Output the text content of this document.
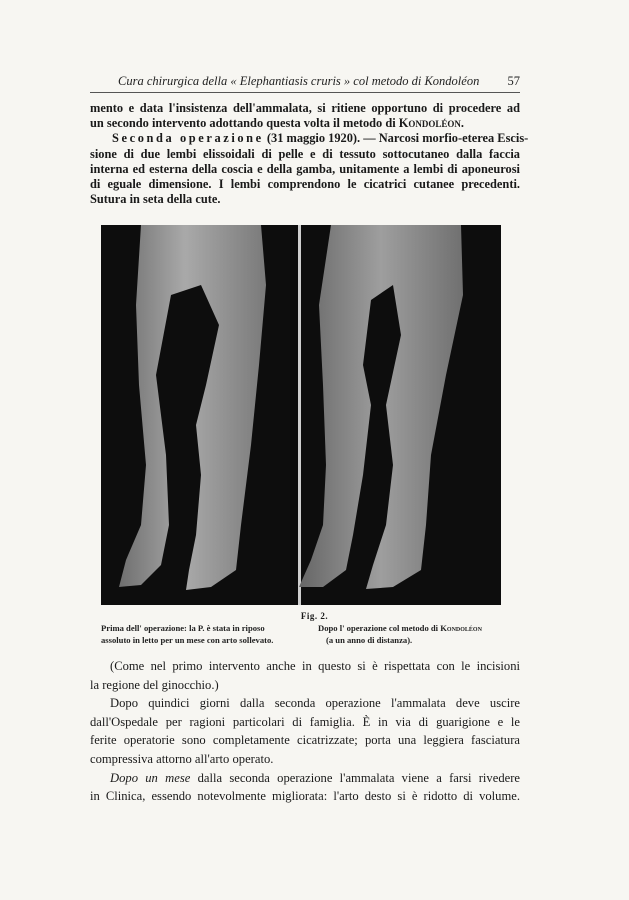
Cura chirurgica della « Elephantiasis cruris » col metodo di Kondoléon 57
mento e data l'insistenza dell'ammalata, si ritiene opportuno di procedere ad
un secondo intervento adottando questa volta il metodo di Kondoléon.
Seconda operazione (31 maggio 1920). — Narcosi morfio-eterea Escis-
sione di due lembi elissoidali di pelle e di tessuto sottocutaneo dalla faccia
interna ed esterna della coscia e della gamba, unitamente a lembi di aponeurosi
di eguale dimensione. I lembi comprendono le cicatrici cutanee precedenti.
Sutura in seta della cute.
Fig. 2.
Prima dell' operazione: la P. è stata in riposo
assoluto in letto per un mese con arto sollevato.
Dopo l' operazione col metodo di Kondoléon
(a un anno di distanza).
(Come nel primo intervento anche in questo si è rispettata con le incisioni
la regione del ginocchio.)
Dopo quindici giorni dalla seconda operazione l'ammalata deve uscire
dall'Ospedale per ragioni particolari di famiglia. È in via di guarigione e le
ferite operatorie sono completamente cicatrizzate; porta una leggiera fasciatura
compressiva attorno all'arto operato.
Dopo un mese dalla seconda operazione l'ammalata viene a farsi rivedere
in Clinica, essendo notevolmente migliorata: l'arto desto si è ridotto di volume.
